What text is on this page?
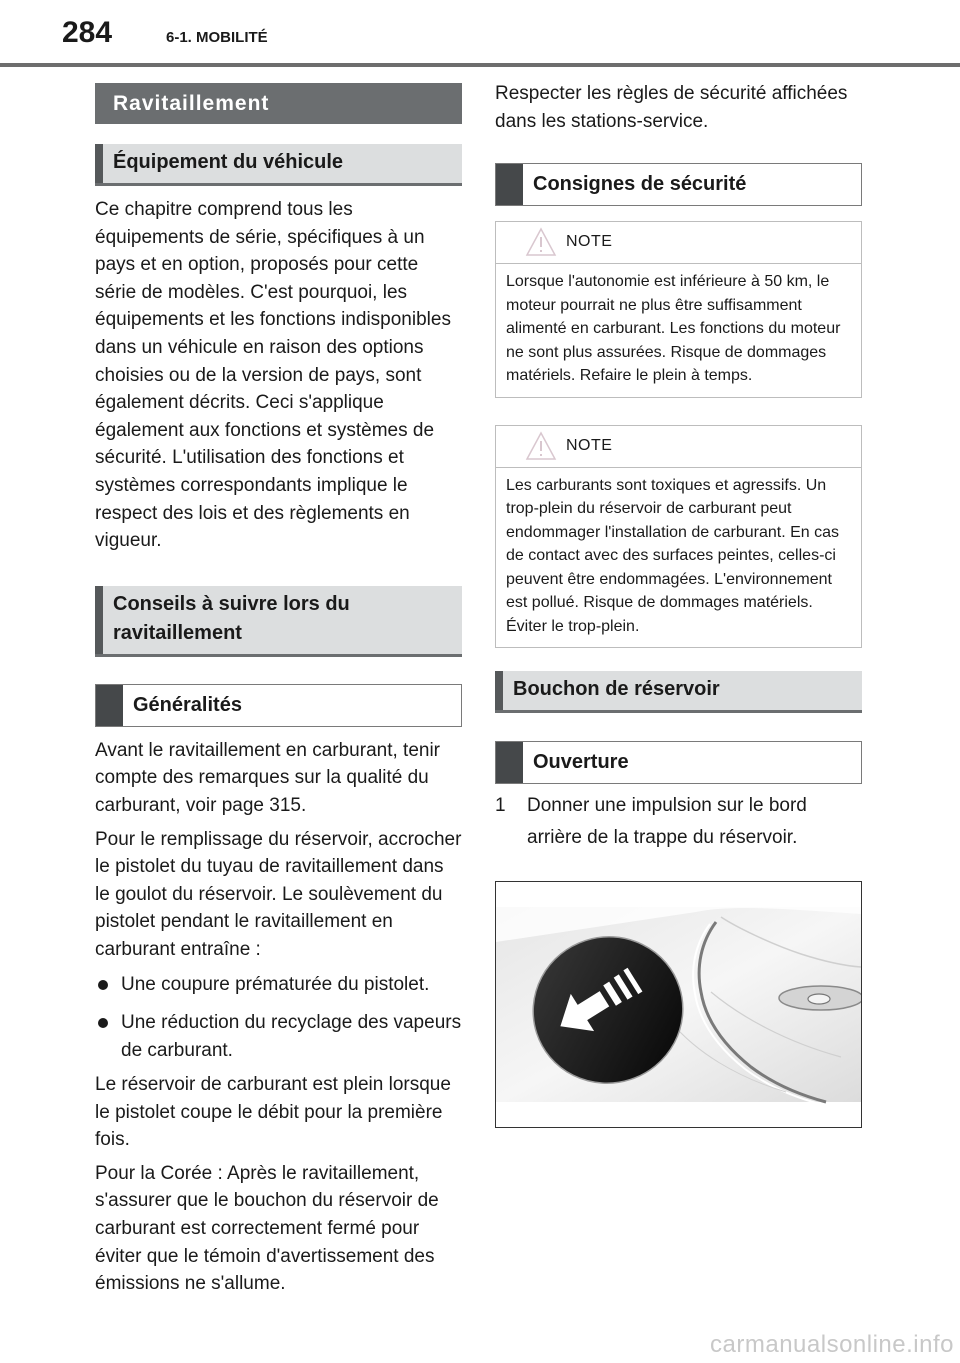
284	6-1. MOBILITÉ
Ravitaillement
Équipement du véhicule

Ce chapitre comprend tous les équipements de série, spécifiques à un pays et en option, proposés pour cette série de modèles. C'est pourquoi, les équipements et les fonctions indisponibles dans un véhicule en raison des options choisies ou de la version de pays, sont également décrits. Ceci s'applique également aux fonctions et systèmes de sécurité. L'utilisation des fonctions et systèmes correspondants implique le respect des lois et des règlements en vigueur.

Conseils à suivre lors du ravitaillement
Généralités

Avant le ravitaillement en carburant, tenir compte des remarques sur la qualité du carburant, voir page 315.

Pour le remplissage du réservoir, accrocher le pistolet du tuyau de ravitaillement dans le goulot du réservoir. Le soulèvement du pistolet pendant le ravitaillement en carburant entraîne :

Une coupure prématurée du pistolet.
Une réduction du recyclage des vapeurs de carburant.

Le réservoir de carburant est plein lorsque le pistolet coupe le débit pour la première fois.

Pour la Corée : Après le ravitaillement, s'assurer que le bouchon du réservoir de carburant est correctement fermé pour éviter que le témoin d'avertissement des émissions ne s'allume.

Respecter les règles de sécurité affichées dans les stations-service.

Consignes de sécurité
NOTE
Lorsque l'autonomie est inférieure à 50 km, le moteur pourrait ne plus être suffisamment alimenté en carburant. Les fonctions du moteur ne sont plus assurées. Risque de dommages matériels. Refaire le plein à temps.
NOTE
Les carburants sont toxiques et agressifs. Un trop-plein du réservoir de carburant peut endommager l'installation de carburant. En cas de contact avec des surfaces peintes, celles-ci peuvent être endommagées. L'environnement est pollué. Risque de dommages matériels. Éviter le trop-plein.
Bouchon de réservoir
Ouverture
1	Donner une impulsion sur le bord arrière de la trappe du réservoir.
carmanualsonline.info
